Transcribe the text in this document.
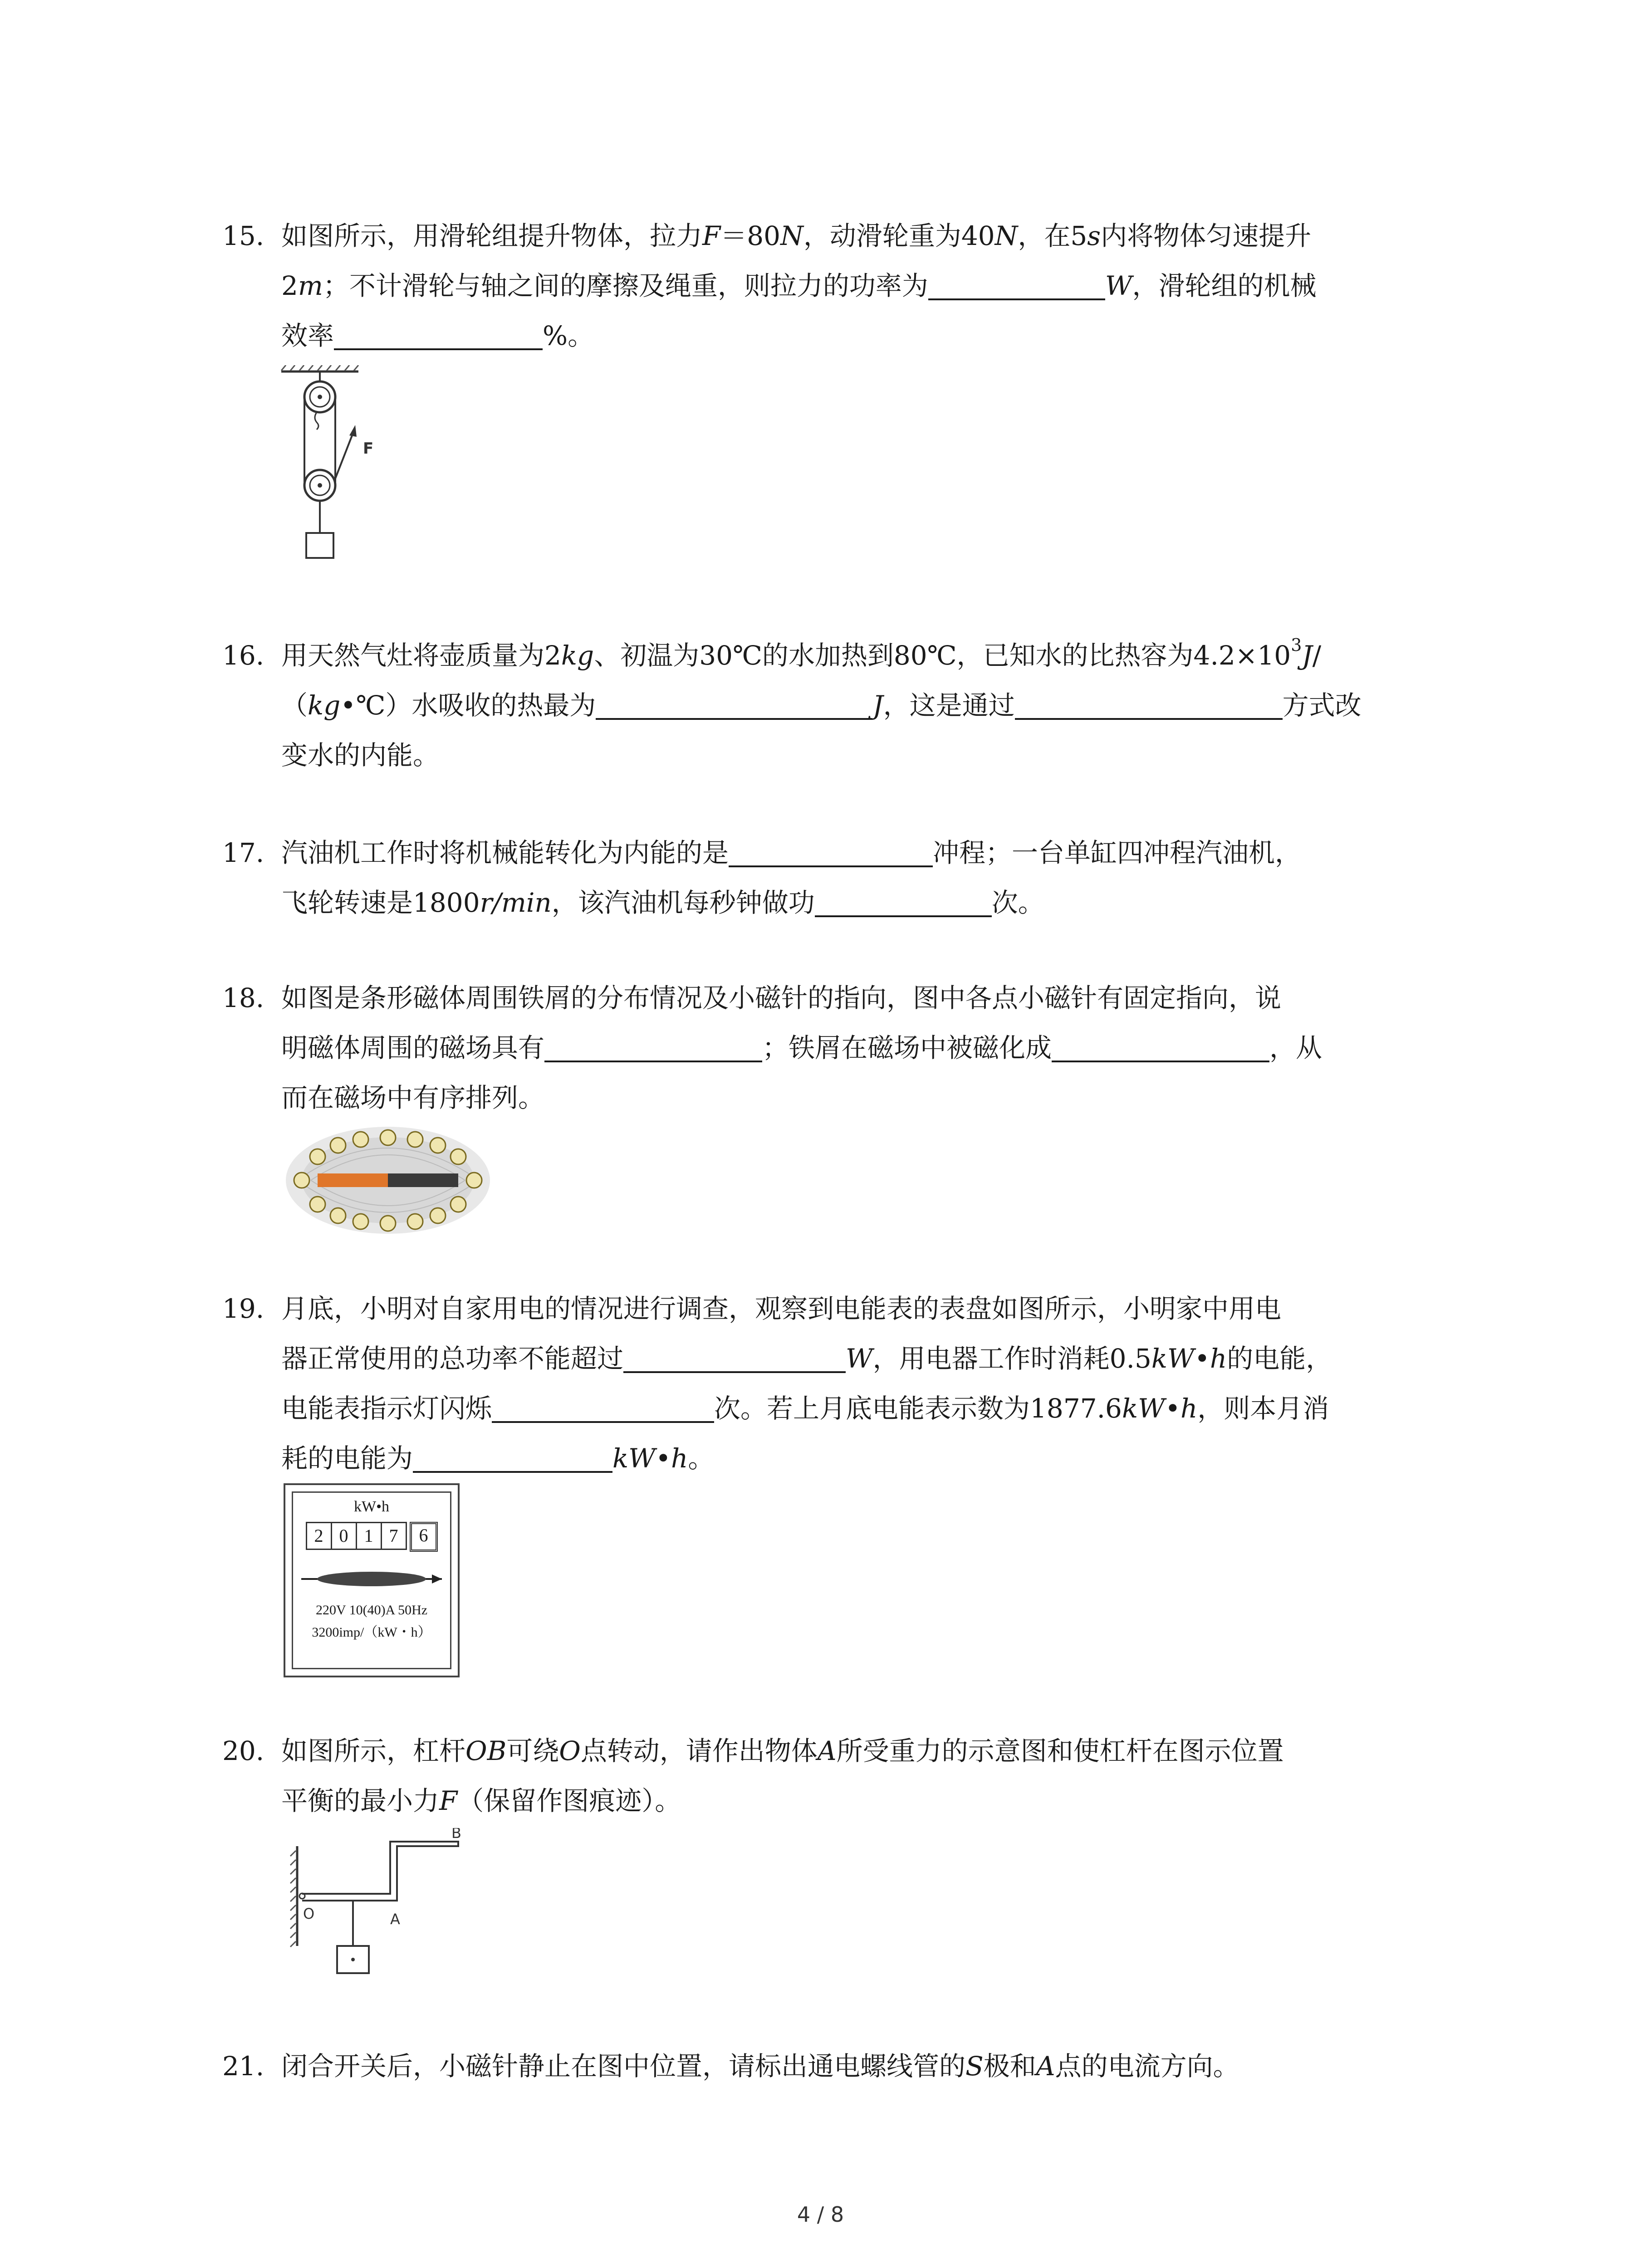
15. 如图所示，用滑轮组提升物体，拉力F＝80N，动滑轮重为40N，在5s内将物体匀速提升
2m；不计滑轮与轴之间的摩擦及绳重，则拉力的功率为	W，滑轮组的机械
效率	%。
F
16. 用天然气灶将壶质量为2kg、初温为30℃的水加热到80℃，已知水的比热容为$4.2\times 10^3J/$
（kg•℃）水吸收的热最为	J，这是通过	方式改
变水的内能。
17. 汽油机工作时将机械能转化为内能的是	冲程；一台单缸四冲程汽油机，
飞轮转速是1800r/min，该汽油机每秒钟做功	次。
18. 如图是条形磁体周围铁屑的分布情况及小磁针的指向，图中各点小磁针有固定指向，说
明磁体周围的磁场具有	；铁屑在磁场中被磁化成	，从
而在磁场中有序排列。
19. 月底，小明对自家用电的情况进行调查，观察到电能表的表盘如图所示，小明家中用电
器正常使用的总功率不能超过	W，用电器工作时消耗0.5kW•h的电能，
电能表指示灯闪烁	次。若上月底电能表示数为1877.6kW•h，则本月消
耗的电能为	kW•h。
kW•h
2 0 1 7	6
220V 10(40)A 50Hz
3200imp/（kW・h）
20. 如图所示，杠杆OB可绕O点转动，请作出物体A所受重力的示意图和使杠杆在图示位置
平衡的最小力F（保留作图痕迹）。
B
O	A
21. 闭合开关后，小磁针静止在图中位置，请标出通电螺线管的S极和A点的电流方向。
4 / 8
